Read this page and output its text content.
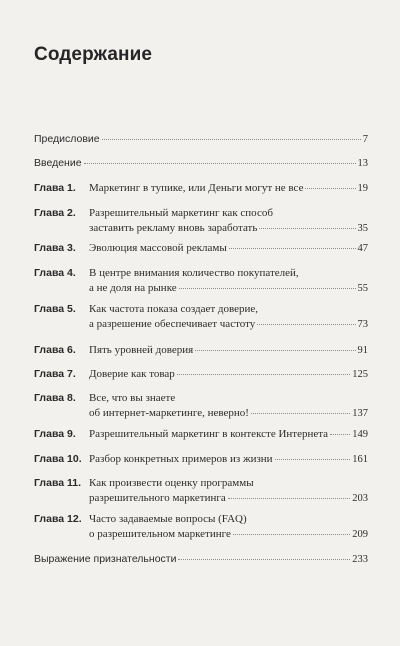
Содержание
Предисловие	7
Введение	13
Глава 1.	Маркетинг в тупике, или Деньги могут не все	19
Глава 2.	Разрешительный маркетинг как способ
заставить рекламу вновь заработать	35
Глава 3.	Эволюция массовой рекламы	47
Глава 4.	В центре внимания количество покупателей,
а не доля на рынке	55
Глава 5.	Как частота показа создает доверие,
а разрешение обеспечивает частоту	73
Глава 6.	Пять уровней доверия	91
Глава 7.	Доверие как товар	125
Глава 8.	Все, что вы знаете
об интернет-маркетинге, неверно!	137
Глава 9.	Разрешительный маркетинг в контексте Интернета 149
Глава 10. Разбор конкретных примеров из жизни	161
Глава 11. Как произвести оценку программы
разрешительного маркетинга	203
Глава 12. Часто задаваемые вопросы (FAQ)
о разрешительном маркетинге	209
Выражение признательности	233
